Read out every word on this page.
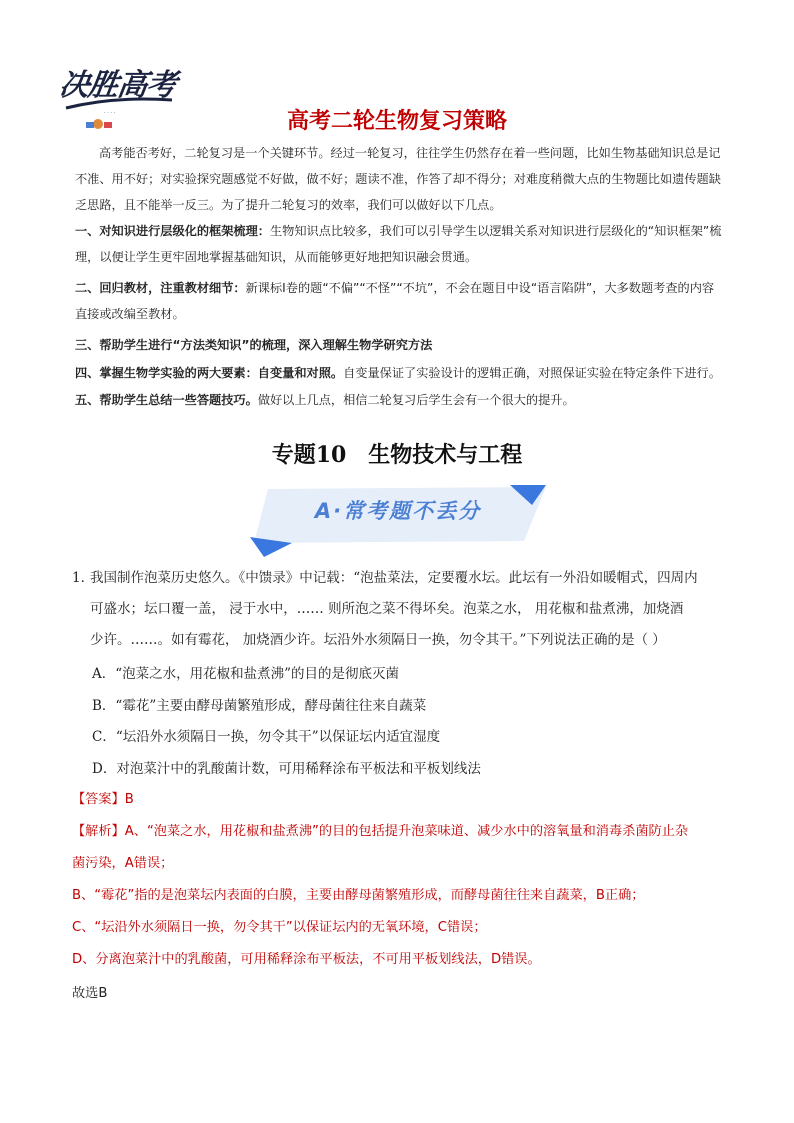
决胜高考
· · · ·	高考二轮生物复习策略
高考能否考好，二轮复习是一个关键环节。经过一轮复习，往往学生仍然存在着一些问题，比如生物基础知识总是记不准、用不好；对实验探究题感觉不好做，做不好；题读不准，作答了却不得分；对难度稍微大点的生物题比如遗传题缺乏思路，且不能举一反三。为了提升二轮复习的效率，我们可以做好以下几点。
一、对知识进行层级化的框架梳理：生物知识点比较多，我们可以引导学生以逻辑关系对知识进行层级化的“知识框架”梳理，以便让学生更牢固地掌握基础知识，从而能够更好地把知识融会贯通。
二、回归教材，注重教材细节：新课标Ⅰ卷的题“不偏”“不怪”“不坑”，不会在题目中设“语言陷阱”，大多数题考查的内容直接或改编至教材。
三、帮助学生进行“方法类知识”的梳理，深入理解生物学研究方法
四、掌握生物学实验的两大要素：自变量和对照。自变量保证了实验设计的逻辑正确，对照保证实验在特定条件下进行。
五、帮助学生总结一些答题技巧。做好以上几点，相信二轮复习后学生会有一个很大的提升。
专题10　生物技术与工程
A·常考题不丢分
1．我国制作泡菜历史悠久。《中馈录》中记载：“泡盐菜法，定要覆水坛。此坛有一外沿如暖帽式，四周内
可盛水；坛口覆一盖， 浸于水中，…… 则所泡之菜不得坏矣。泡菜之水， 用花椒和盐煮沸，加烧酒
少许。……。如有霉花， 加烧酒少许。坛沿外水须隔日一换，勿令其干。”下列说法正确的是（ ）
A．“泡菜之水，用花椒和盐煮沸”的目的是彻底灭菌
B．“霉花”主要由酵母菌繁殖形成，酵母菌往往来自蔬菜
C．“坛沿外水须隔日一换，勿令其干”以保证坛内适宜湿度
D．对泡菜汁中的乳酸菌计数，可用稀释涂布平板法和平板划线法
【答案】B
【解析】A、“泡菜之水，用花椒和盐煮沸”的目的包括提升泡菜味道、减少水中的溶氧量和消毒杀菌防止杂
菌污染，A错误；
B、“霉花”指的是泡菜坛内表面的白膜，主要由酵母菌繁殖形成，而酵母菌往往来自蔬菜，B正确；
C、“坛沿外水须隔日一换，勿令其干”以保证坛内的无氧环境，C错误；
D、分离泡菜汁中的乳酸菌，可用稀释涂布平板法，不可用平板划线法，D错误。
故选B
